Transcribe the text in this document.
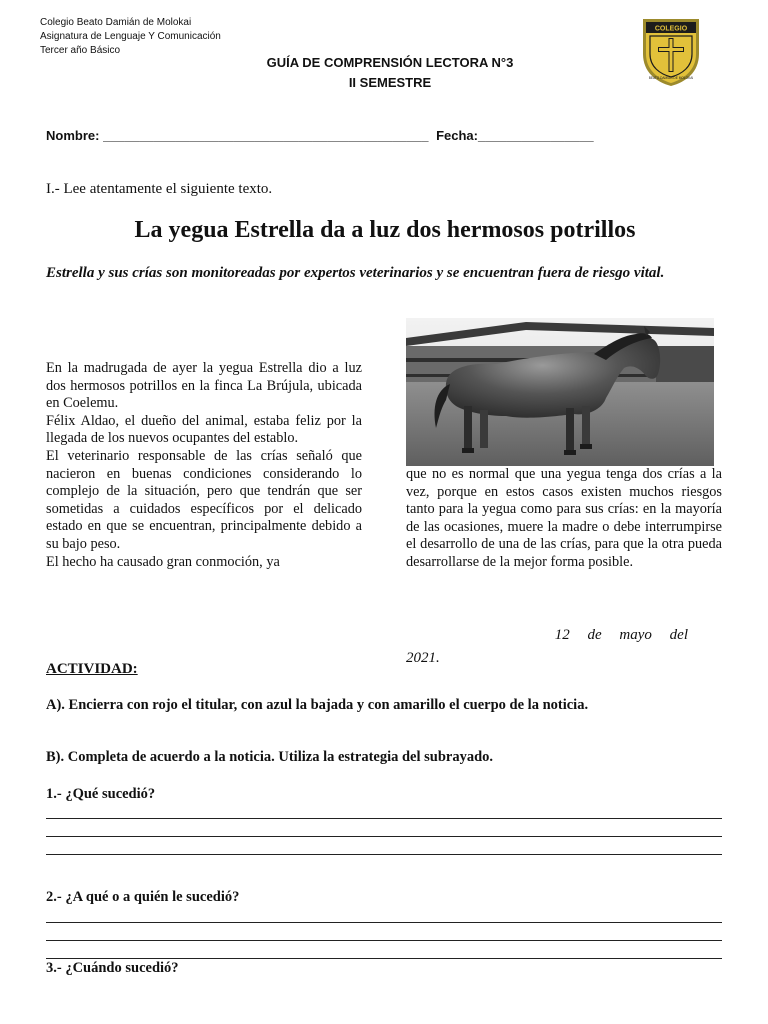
Colegio Beato Damián de Molokai
Asignatura de Lenguaje Y Comunicación
Tercer año Básico
GUÍA DE COMPRENSIÓN LECTORA N°3
II SEMESTRE
COLEGIO
BEATO DAMIAN DE MOLOKAI
Nombre: _____________________________________________ Fecha:________________
I.- Lee atentamente el siguiente texto.
La yegua Estrella da a luz dos hermosos potrillos
Estrella y sus crías son monitoreadas por expertos veterinarios y se encuentran fuera de riesgo vital.

En la madrugada de ayer la yegua Estrella dio a luz dos hermosos potrillos en la finca La Brújula, ubicada en Coelemu.

Félix Aldao, el dueño del animal, estaba feliz por la llegada de los nuevos ocupantes del establo.

El veterinario responsable de las crías señaló que nacieron en buenas condiciones considerando lo complejo de la situación, pero que tendrán que ser sometidas a cuidados específicos por el delicado estado en que se encuentran, principalmente debido a su bajo peso.

El hecho ha causado gran conmoción, ya

que no es normal que una yegua tenga dos crías a la vez, porque en estos casos existen muchos riesgos tanto para la yegua como para sus crías: en la mayoría de las ocasiones, muere la madre o debe interrumpirse el desarrollo de una de las crías, para que la otra pueda desarrollarse de la mejor forma posible.

12 de mayo del
2021.
ACTIVIDAD:
A). Encierra con rojo el titular, con azul la bajada y con amarillo el cuerpo de la noticia.
B). Completa de acuerdo a la noticia. Utiliza la estrategia del subrayado.
1.- ¿Qué sucedió?
2.- ¿A qué o a quién le sucedió?
3.- ¿Cuándo sucedió?
